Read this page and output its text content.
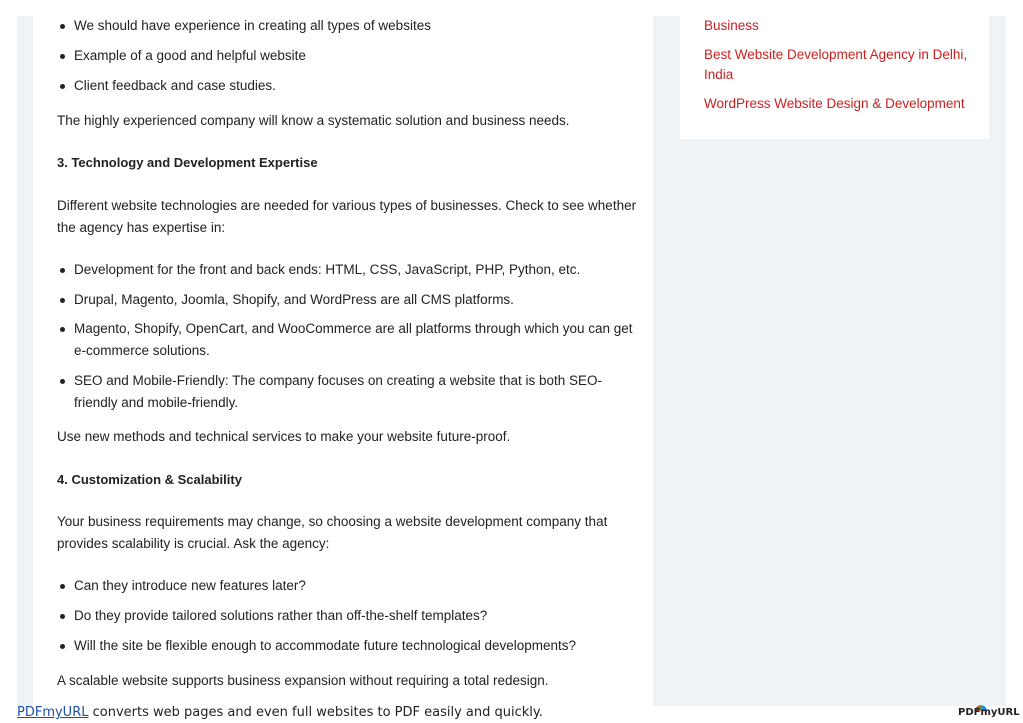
We should have experience in creating all types of websites
Example of a good and helpful website
Client feedback and case studies.
The highly experienced company will know a systematic solution and business needs.
3. Technology and Development Expertise
Different website technologies are needed for various types of businesses. Check to see whether
the agency has expertise in:
Development for the front and back ends: HTML, CSS, JavaScript, PHP, Python, etc.
Drupal, Magento, Joomla, Shopify, and WordPress are all CMS platforms.
Magento, Shopify, OpenCart, and WooCommerce are all platforms through which you can get e-commerce solutions.
SEO and Mobile-Friendly: The company focuses on creating a website that is both SEO-friendly and mobile-friendly.
Use new methods and technical services to make your website future-proof.
4. Customization & Scalability
Your business requirements may change, so choosing a website development company that
provides scalability is crucial. Ask the agency:
Can they introduce new features later?
Do they provide tailored solutions rather than off-the-shelf templates?
Will the site be flexible enough to accommodate future technological developments?
A scalable website supports business expansion without requiring a total redesign.
Business
Best Website Development Agency in Delhi, India
WordPress Website Design & Development
PDFmyURL converts web pages and even full websites to PDF easily and quickly.	PDFmyURL
